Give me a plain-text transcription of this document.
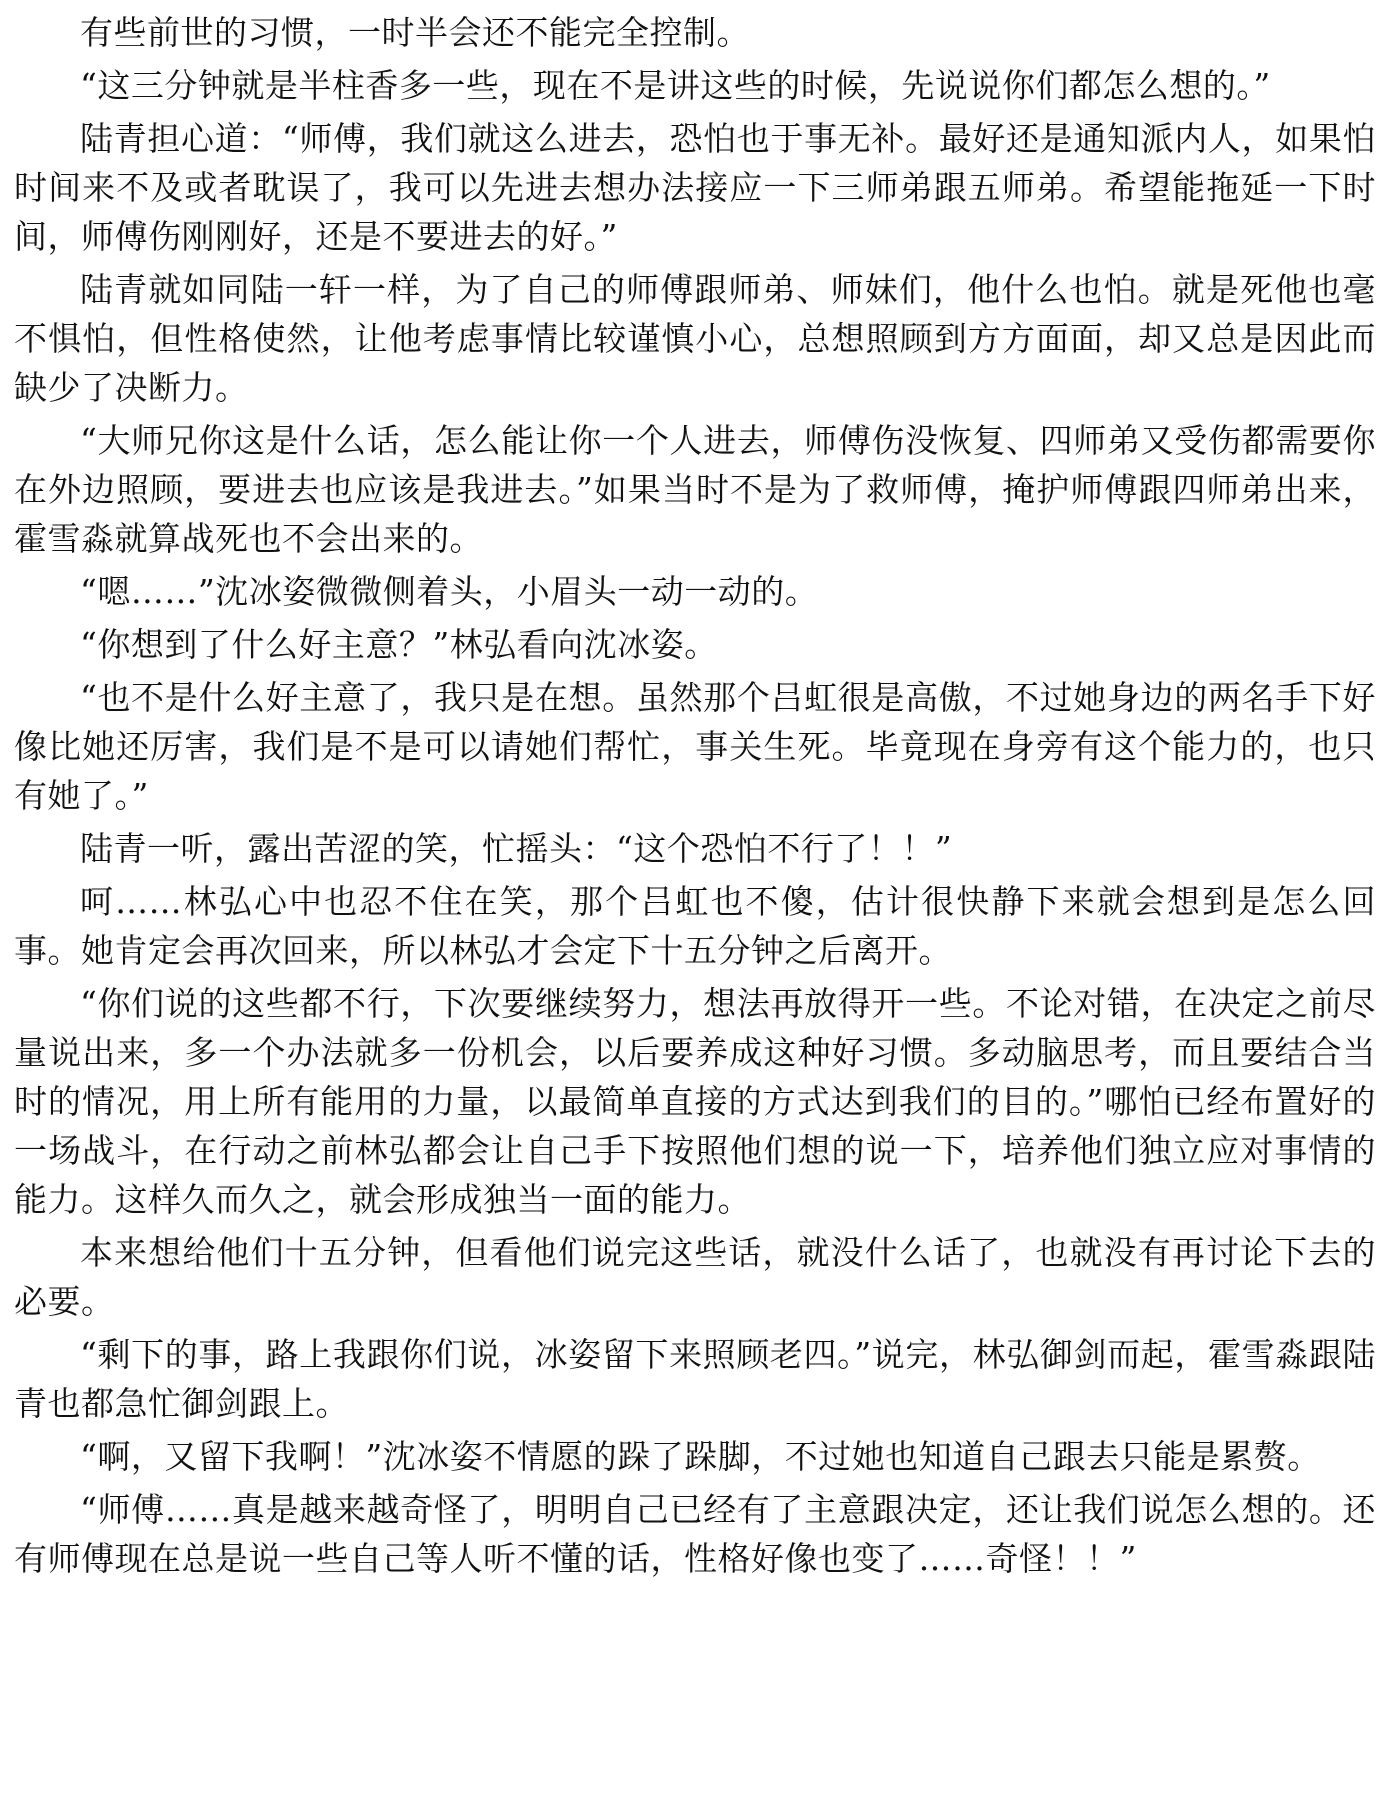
有些前世的习惯，一时半会还不能完全控制。

“这三分钟就是半柱香多一些，现在不是讲这些的时候，先说说你们都怎么想的。”

陆青担心道：“师傅，我们就这么进去，恐怕也于事无补。最好还是通知派内人，如果怕时间来不及或者耽误了，我可以先进去想办法接应一下三师弟跟五师弟。希望能拖延一下时间，师傅伤刚刚好，还是不要进去的好。”

陆青就如同陆一轩一样，为了自己的师傅跟师弟、师妹们，他什么也怕。就是死他也毫不惧怕，但性格使然，让他考虑事情比较谨慎小心，总想照顾到方方面面，却又总是因此而缺少了决断力。

“大师兄你这是什么话，怎么能让你一个人进去，师傅伤没恢复、四师弟又受伤都需要你在外边照顾，要进去也应该是我进去。”如果当时不是为了救师傅，掩护师傅跟四师弟出来，霍雪淼就算战死也不会出来的。

“嗯……”沈冰姿微微侧着头，小眉头一动一动的。

“你想到了什么好主意？”林弘看向沈冰姿。

“也不是什么好主意了，我只是在想。虽然那个吕虹很是高傲，不过她身边的两名手下好像比她还厉害，我们是不是可以请她们帮忙，事关生死。毕竟现在身旁有这个能力的，也只有她了。”

陆青一听，露出苦涩的笑，忙摇头：“这个恐怕不行了！！”

呵……林弘心中也忍不住在笑，那个吕虹也不傻，估计很快静下来就会想到是怎么回事。她肯定会再次回来，所以林弘才会定下十五分钟之后离开。

“你们说的这些都不行，下次要继续努力，想法再放得开一些。不论对错，在决定之前尽量说出来，多一个办法就多一份机会，以后要养成这种好习惯。多动脑思考，而且要结合当时的情况，用上所有能用的力量，以最简单直接的方式达到我们的目的。”哪怕已经布置好的一场战斗，在行动之前林弘都会让自己手下按照他们想的说一下，培养他们独立应对事情的能力。这样久而久之，就会形成独当一面的能力。

本来想给他们十五分钟，但看他们说完这些话，就没什么话了，也就没有再讨论下去的必要。

“剩下的事，路上我跟你们说，冰姿留下来照顾老四。”说完，林弘御剑而起，霍雪淼跟陆青也都急忙御剑跟上。

“啊，又留下我啊！”沈冰姿不情愿的跺了跺脚，不过她也知道自己跟去只能是累赘。

“师傅……真是越来越奇怪了，明明自己已经有了主意跟决定，还让我们说怎么想的。还有师傅现在总是说一些自己等人听不懂的话，性格好像也变了……奇怪！！”
